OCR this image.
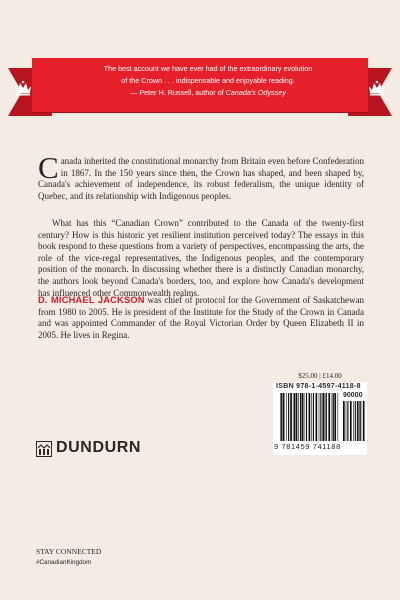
The best account we have ever had of the extraordinary evolution
of the Crown . . . indispensable and enjoyable reading.
— Peter H. Russell, author of Canada's Odyssey
Canada inherited the constitutional monarchy from Britain even before Confederation in 1867. In the 150 years since then, the Crown has shaped, and been shaped by, Canada's achievement of independence, its robust federalism, the unique identity of Quebec, and its relationship with Indigenous peoples.
What has this “Canadian Crown” contributed to the Canada of the twenty-first century? How is this historic yet resilient institution perceived today? The essays in this book respond to these questions from a variety of perspectives, encompassing the arts, the role of the vice-regal representatives, the Indigenous peoples, and the contemporary position of the monarch. In discussing whether there is a distinctly Canadian monarchy, the authors look beyond Canada's borders, too, and explore how Canada's development has influenced other Commonwealth realms.
D. MICHAEL JACKSON was chief of protocol for the Government of Saskatchewan from 1980 to 2005. He is president of the Institute for the Study of the Crown in Canada and was appointed Commander of the Royal Victorian Order by Queen Elizabeth II in 2005. He lives in Regina.
$25.00 | £14.00
ISBN 978-1-4597-4118-8
90000
9 781459 741188
DUNDURN
STAY CONNECTED
#CanadianKingdom
